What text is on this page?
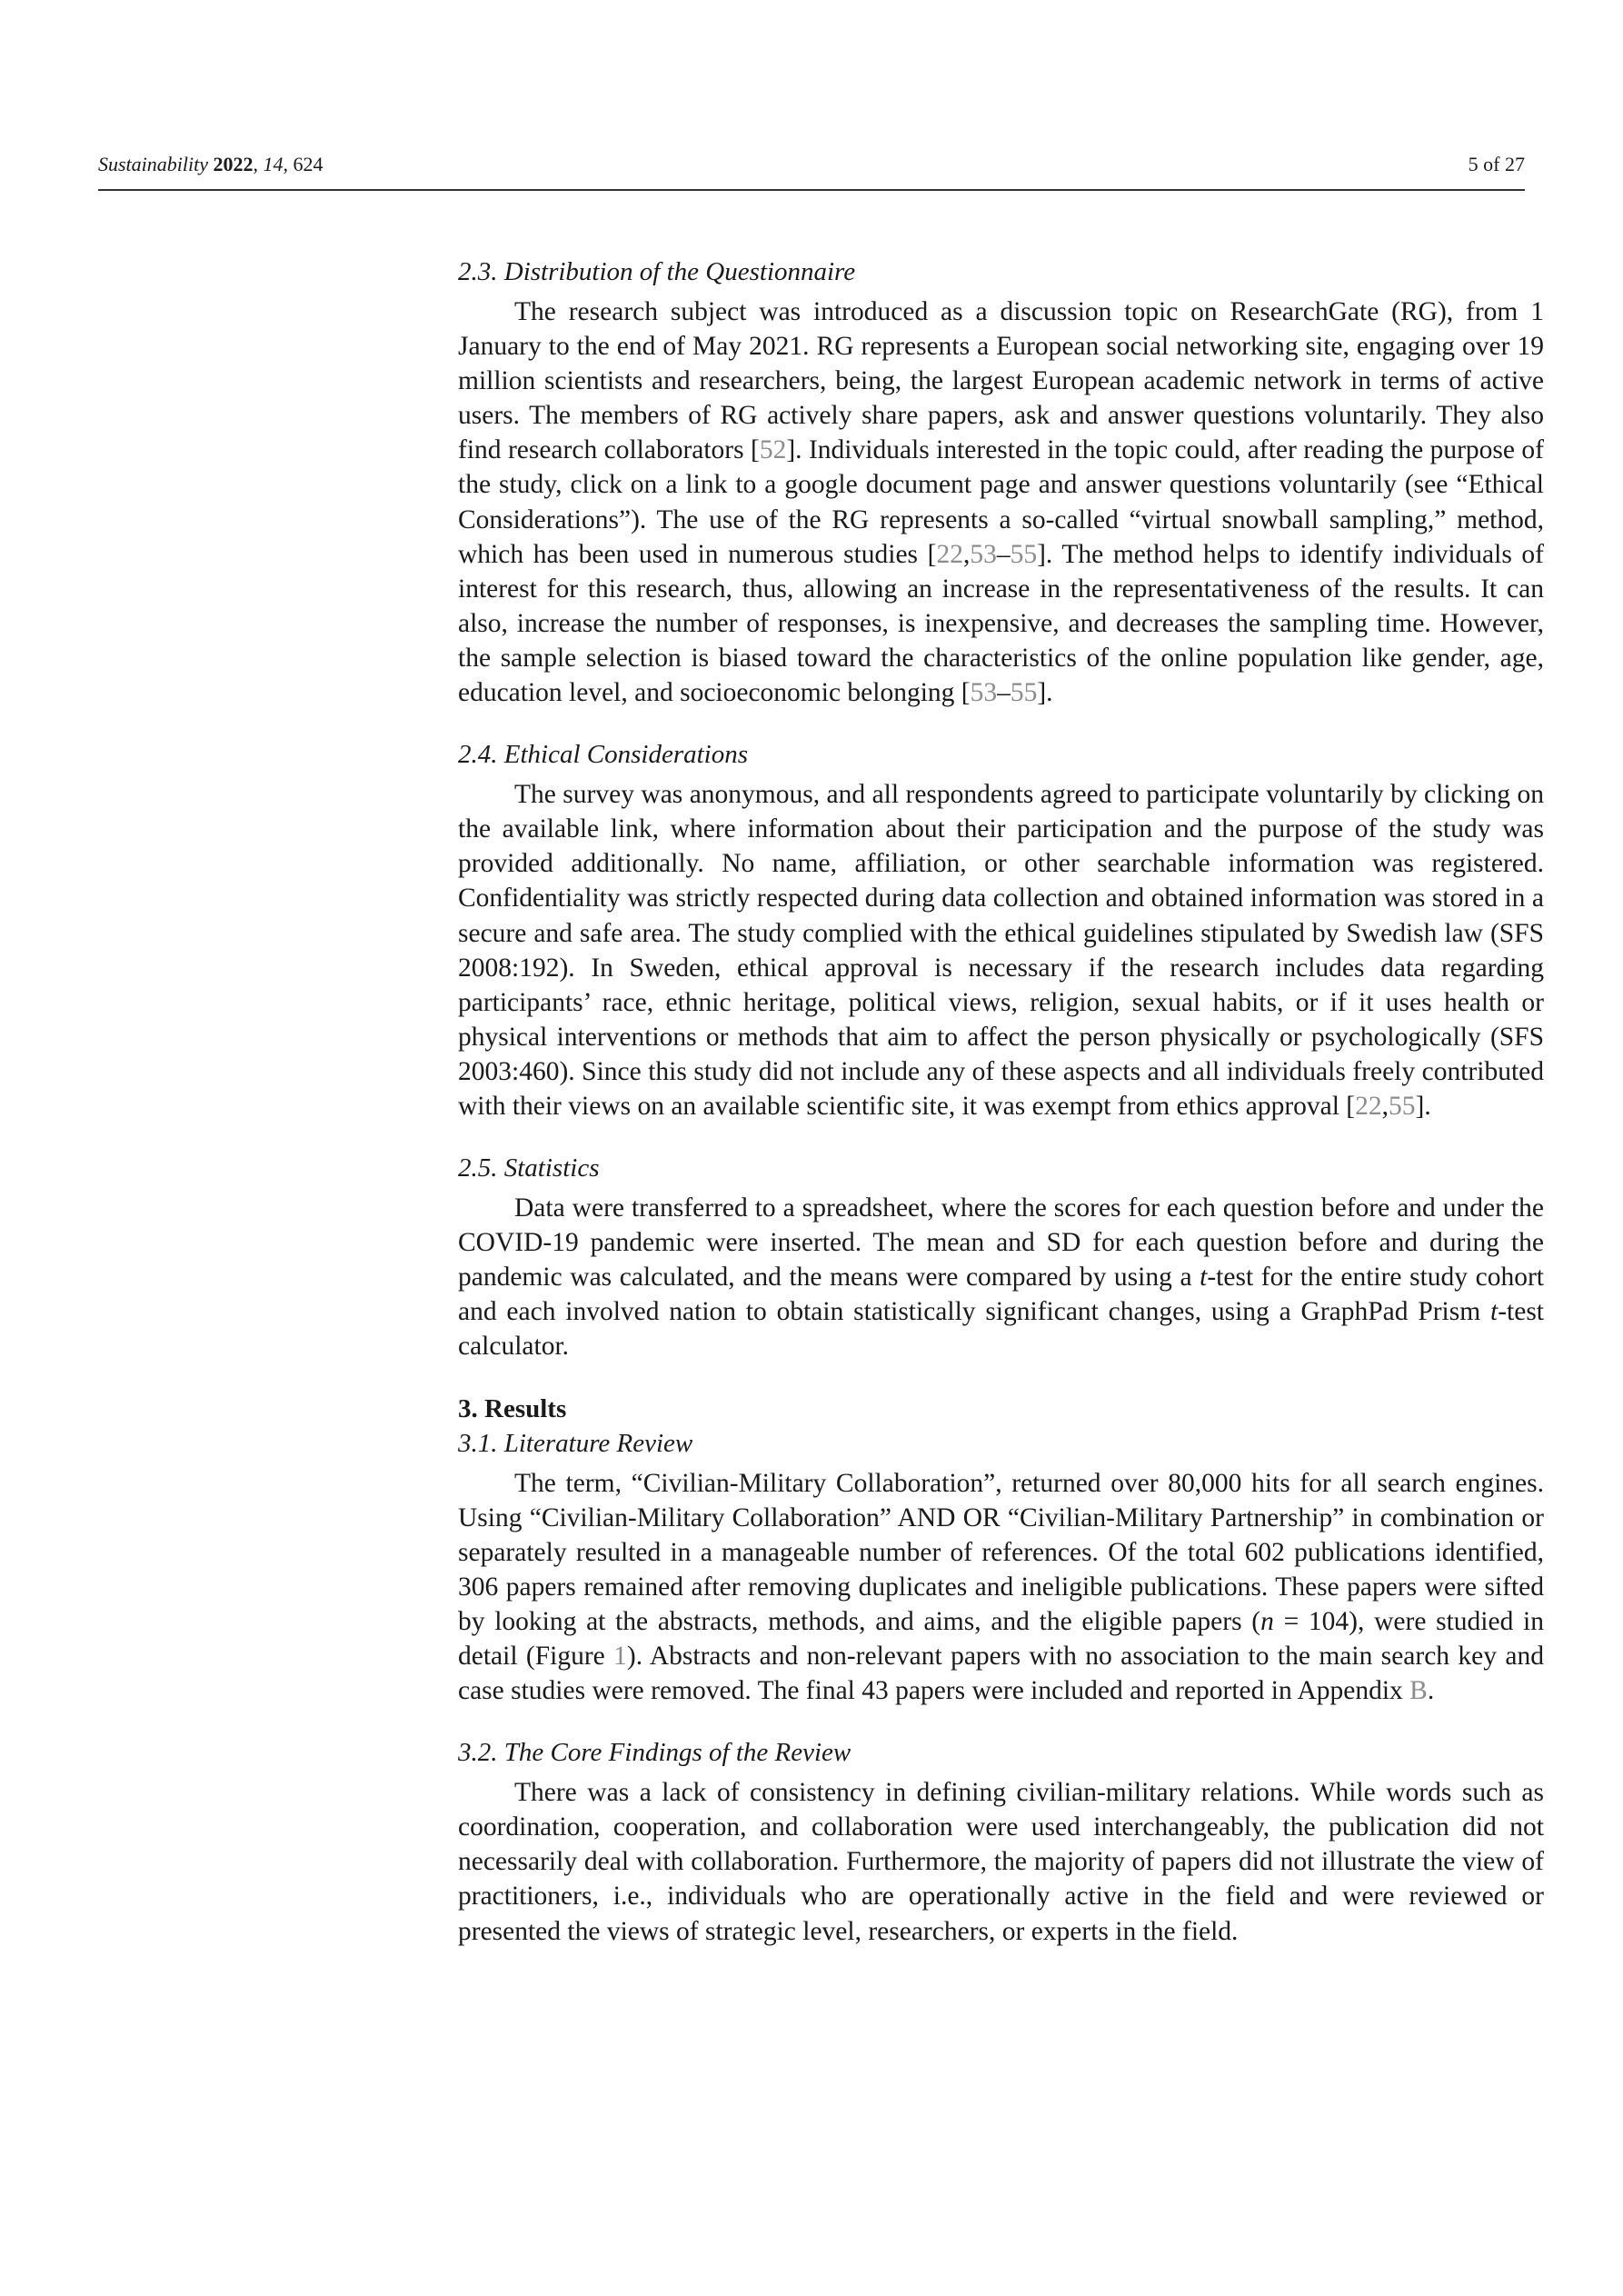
Sustainability 2022, 14, 624	5 of 27
2.3. Distribution of the Questionnaire

The research subject was introduced as a discussion topic on ResearchGate (RG), from 1 January to the end of May 2021. RG represents a European social networking site, engaging over 19 million scientists and researchers, being, the largest European academic network in terms of active users. The members of RG actively share papers, ask and answer questions voluntarily. They also find research collaborators [52]. Individuals interested in the topic could, after reading the purpose of the study, click on a link to a google document page and answer questions voluntarily (see “Ethical Considerations”). The use of the RG represents a so-called “virtual snowball sampling,” method, which has been used in numerous studies [22,53–55]. The method helps to identify individuals of interest for this research, thus, allowing an increase in the representativeness of the results. It can also, increase the number of responses, is inexpensive, and decreases the sampling time. However, the sample selection is biased toward the characteristics of the online population like gender, age, education level, and socioeconomic belonging [53–55].

2.4. Ethical Considerations

The survey was anonymous, and all respondents agreed to participate voluntarily by clicking on the available link, where information about their participation and the purpose of the study was provided additionally. No name, affiliation, or other searchable information was registered. Confidentiality was strictly respected during data collection and obtained information was stored in a secure and safe area. The study complied with the ethical guidelines stipulated by Swedish law (SFS 2008:192). In Sweden, ethical approval is necessary if the research includes data regarding participants’ race, ethnic heritage, political views, religion, sexual habits, or if it uses health or physical interventions or methods that aim to affect the person physically or psychologically (SFS 2003:460). Since this study did not include any of these aspects and all individuals freely contributed with their views on an available scientific site, it was exempt from ethics approval [22,55].

2.5. Statistics

Data were transferred to a spreadsheet, where the scores for each question before and under the COVID-19 pandemic were inserted. The mean and SD for each question before and during the pandemic was calculated, and the means were compared by using a t-test for the entire study cohort and each involved nation to obtain statistically significant changes, using a GraphPad Prism t-test calculator.

3. Results
3.1. Literature Review

The term, “Civilian-Military Collaboration”, returned over 80,000 hits for all search engines. Using “Civilian-Military Collaboration” AND OR “Civilian-Military Partnership” in combination or separately resulted in a manageable number of references. Of the total 602 publications identified, 306 papers remained after removing duplicates and ineligible publications. These papers were sifted by looking at the abstracts, methods, and aims, and the eligible papers (n = 104), were studied in detail (Figure 1). Abstracts and non-relevant papers with no association to the main search key and case studies were removed. The final 43 papers were included and reported in Appendix B.

3.2. The Core Findings of the Review

There was a lack of consistency in defining civilian-military relations. While words such as coordination, cooperation, and collaboration were used interchangeably, the publication did not necessarily deal with collaboration. Furthermore, the majority of papers did not illustrate the view of practitioners, i.e., individuals who are operationally active in the field and were reviewed or presented the views of strategic level, researchers, or experts in the field.
